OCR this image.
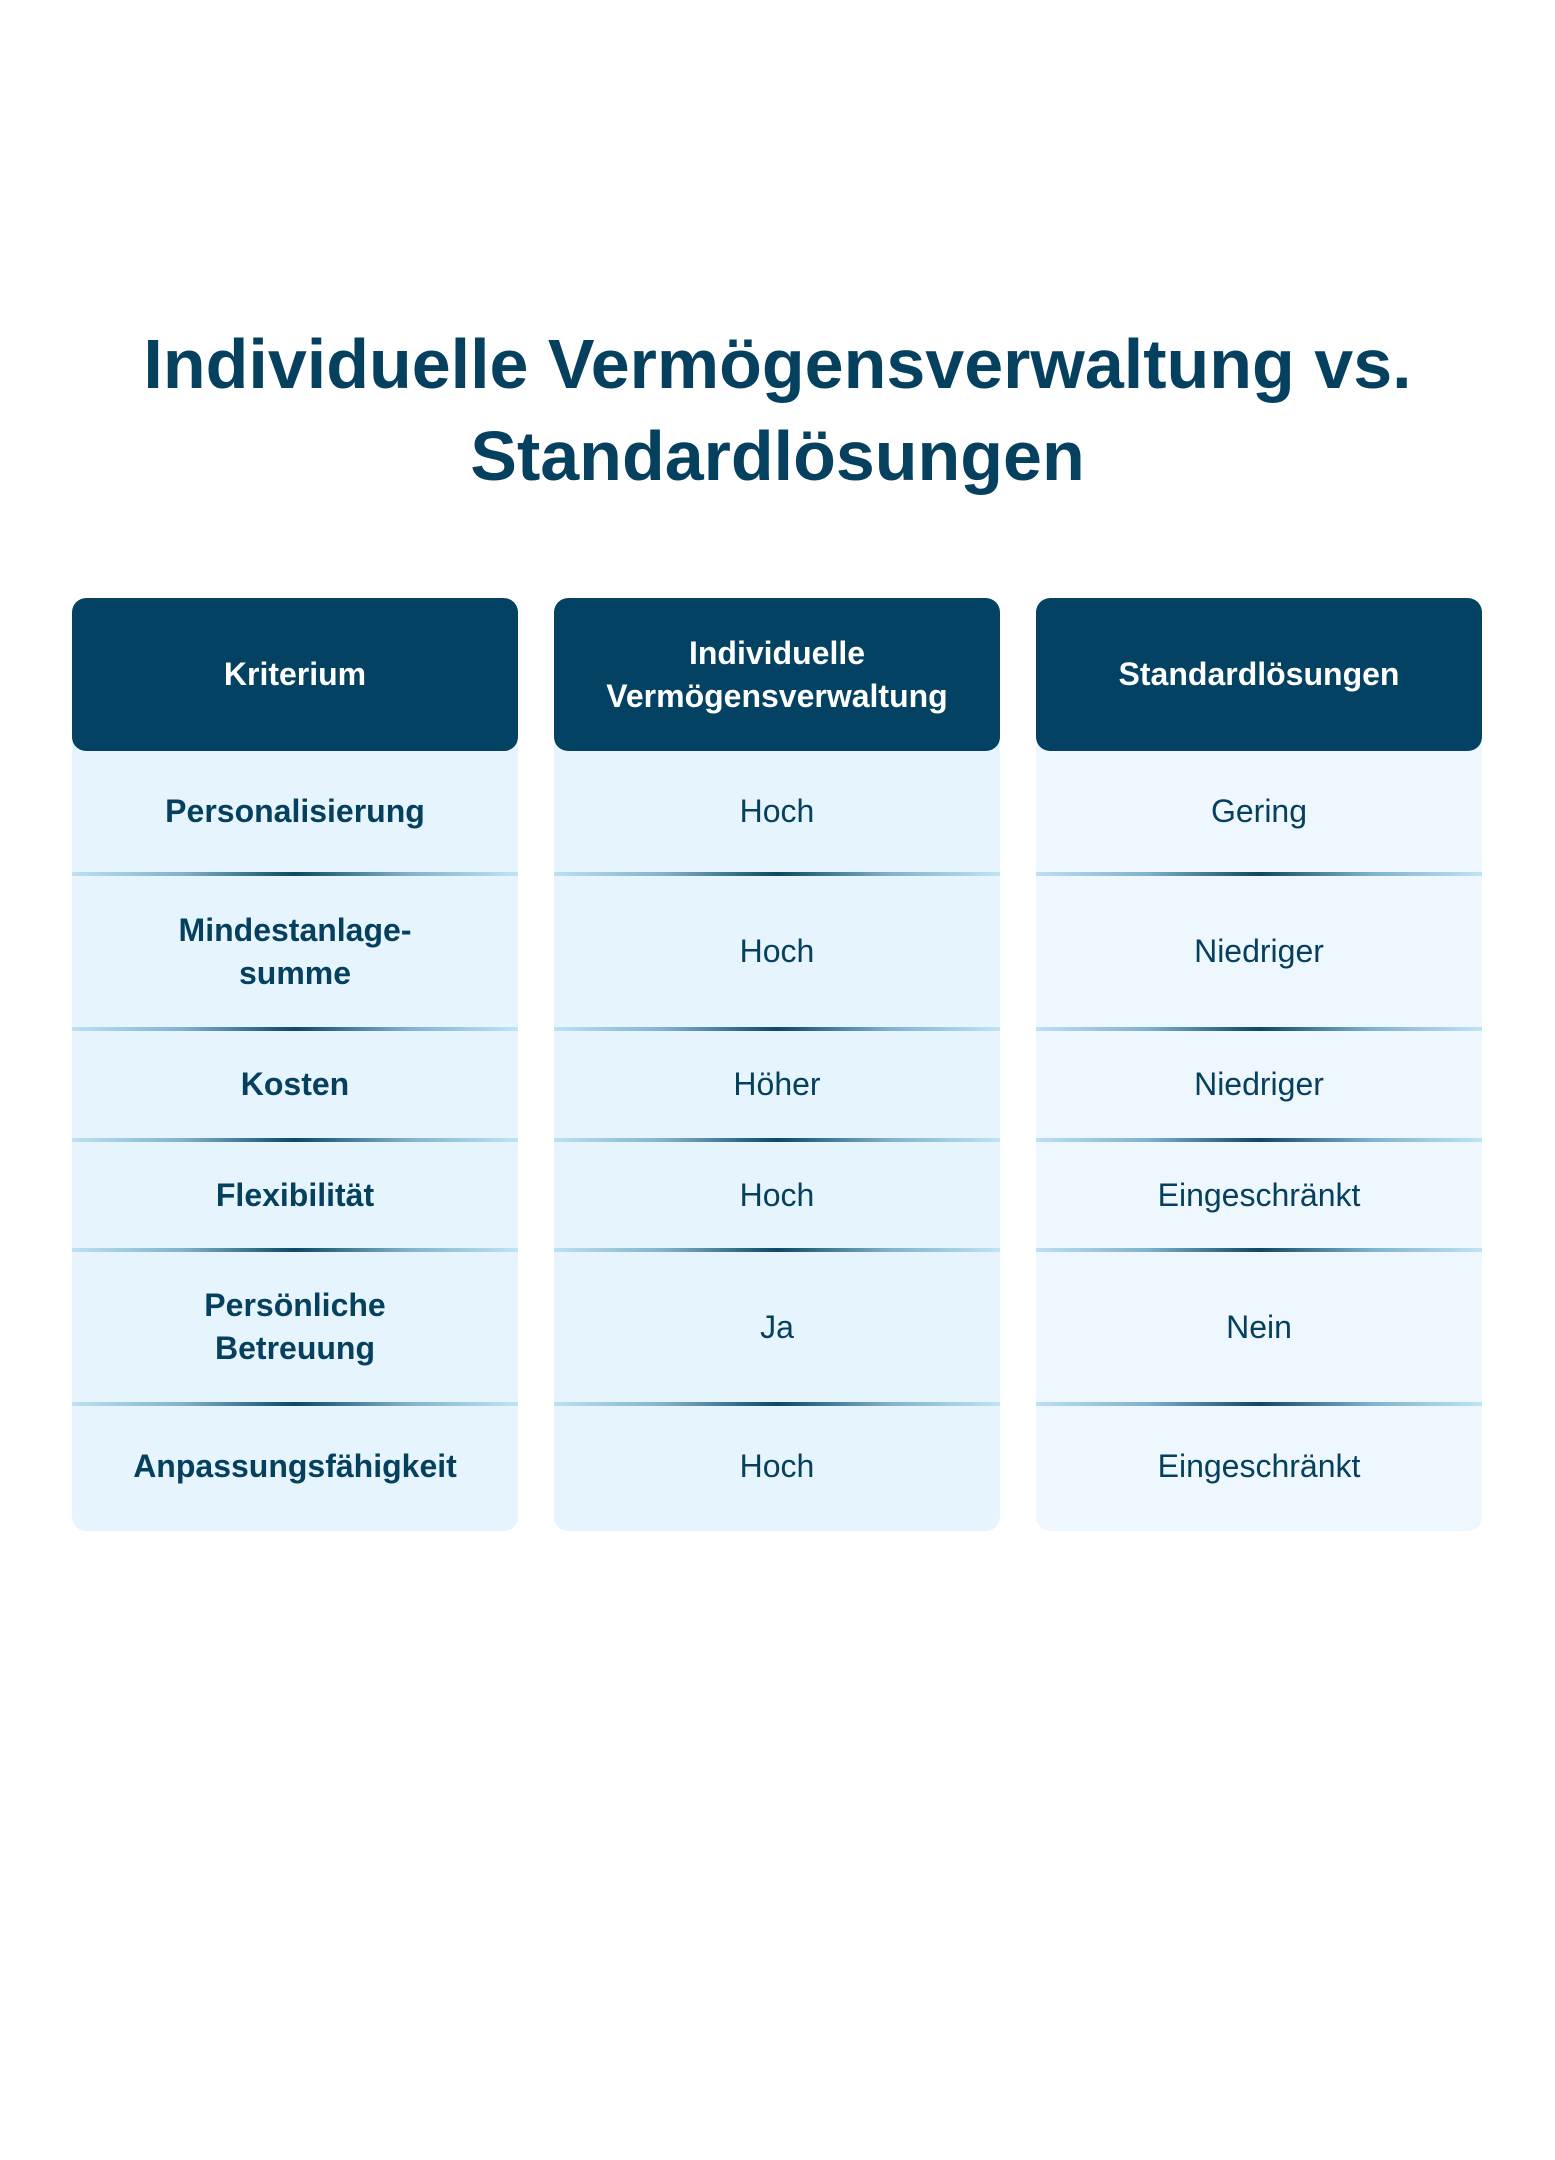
Individuelle Vermögensverwaltung vs.
Standardlösungen
Kriterium
Personalisierung
Mindestanlage-summe
Kosten
Flexibilität
Persönliche Betreuung
Anpassungsfähigkeit
Individuelle Vermögensverwaltung
Hoch
Hoch
Höher
Hoch
Ja
Hoch
Standardlösungen
Gering
Niedriger
Niedriger
Eingeschränkt
Nein
Eingeschränkt
